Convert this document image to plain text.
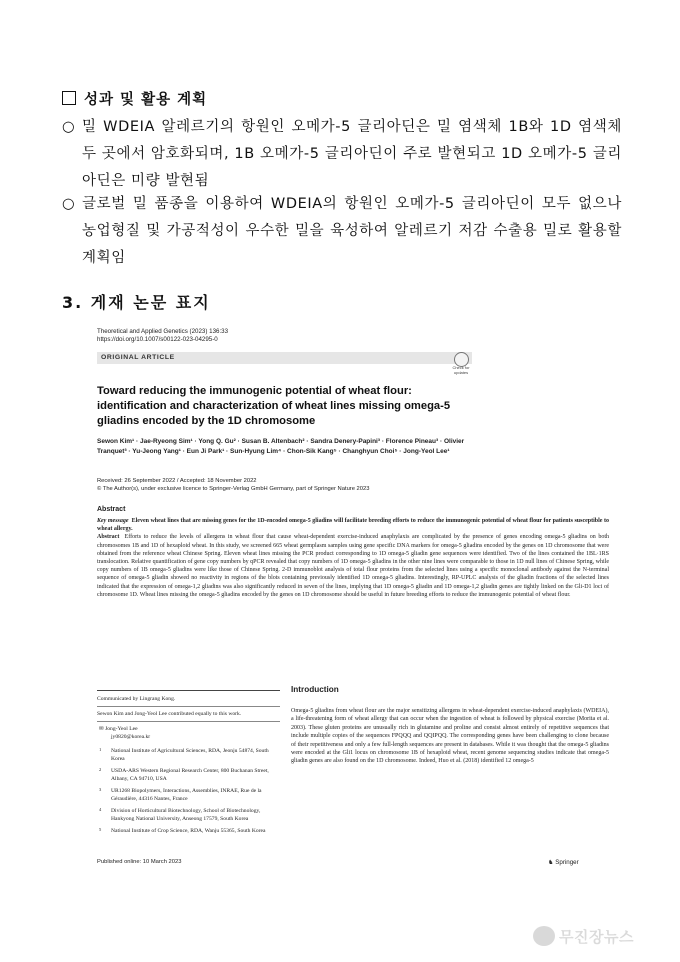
성과 및 활용 계획
○ 밀 WDEIA 알레르기의 항원인 오메가-5 글리아딘은 밀 염색체 1B와 1D 염색체 두 곳에서 암호화되며, 1B 오메가-5 글리아딘이 주로 발현되고 1D 오메가-5 글리아딘은 미량 발현됨
○ 글로벌 밀 품종을 이용하여 WDEIA의 항원인 오메가-5 글리아딘이 모두 없으나 농업형질 및 가공적성이 우수한 밀을 육성하여 알레르기 저감 수출용 밀로 활용할 계획임
3. 게재 논문 표지
Theoretical and Applied Genetics (2023) 136:33
https://doi.org/10.1007/s00122-023-04295-0
ORIGINAL ARTICLE
Check for updates
Toward reducing the immunogenic potential of wheat flour: identification and characterization of wheat lines missing omega-5 gliadins encoded by the 1D chromosome
Sewon Kim¹ · Jae-Ryeong Sim¹ · Yong Q. Gu² · Susan B. Altenbach² · Sandra Denery-Papini³ · Florence Pineau³ · Olivier Tranquet³ · Yu-Jeong Yang¹ · Eun Ji Park¹ · Sun-Hyung Lim⁴ · Chon-Sik Kang⁵ · Changhyun Choi⁵ · Jong-Yeol Lee¹
Received: 26 September 2022 / Accepted: 18 November 2022
© The Author(s), under exclusive licence to Springer-Verlag GmbH Germany, part of Springer Nature 2023
Abstract
Key message Eleven wheat lines that are missing genes for the 1D-encoded omega-5 gliadins will facilitate breeding efforts to reduce the immunogenic potential of wheat flour for patients susceptible to wheat allergy.
Abstract Efforts to reduce the levels of allergens in wheat flour that cause wheat-dependent exercise-induced anaphylaxis are complicated by the presence of genes encoding omega-5 gliadins on both chromosomes 1B and 1D of hexaploid wheat. In this study, we screened 665 wheat germplasm samples using gene specific DNA markers for omega-5 gliadins encoded by the genes on 1D chromosome that were obtained from the reference wheat Chinese Spring. Eleven wheat lines missing the PCR product corresponding to 1D omega-5 gliadin gene sequences were identified. Two of the lines contained the 1BL·1RS translocation. Relative quantification of gene copy numbers by qPCR revealed that copy numbers of 1D omega-5 gliadins in the other nine lines were comparable to those in 1D null lines of Chinese Spring, while copy numbers of 1B omega-5 gliadins were like those of Chinese Spring. 2-D immunoblot analysis of total flour proteins from the selected lines using a specific monoclonal antibody against the N-terminal sequence of omega-5 gliadin showed no reactivity in regions of the blots containing previously identified 1D omega-5 gliadins. Interestingly, RP-UPLC analysis of the gliadin fractions of the selected lines indicated that the expression of omega-1,2 gliadins was also significantly reduced in seven of the lines, implying that 1D omega-5 gliadin and 1D omega-1,2 gliadin genes are tightly linked on the Gli-D1 loci of chromosome 1D. Wheat lines missing the omega-5 gliadins encoded by the genes on 1D chromosome should be useful in future breeding efforts to reduce the immunogenic potential of wheat flour.
Communicated by Lingrang Kong.
Sewon Kim and Jong-Yeol Lee contributed equally to this work.
✉ Jong-Yeol Lee
jy0820@korea.kr
1 National Institute of Agricultural Sciences, RDA, Jeonju 54874, South Korea
2 USDA-ARS Western Regional Research Center, 800 Buchanan Street, Albany, CA 94710, USA
3 UR1268 Biopolymers, Interactions, Assemblies, INRAE, Rue de la Géraudière, 44316 Nantes, France
4 Division of Horticultural Biotechnology, School of Biotechnology, Hankyong National University, Anseong 17579, South Korea
5 National Institute of Crop Science, RDA, Wanju 55365, South Korea
Published online: 10 March 2023
Introduction
Omega-5 gliadins from wheat flour are the major sensitizing allergens in wheat-dependent exercise-induced anaphylaxis (WDEIA), a life-threatening form of wheat allergy that can occur when the ingestion of wheat is followed by physical exercise (Morita et al. 2003). These gluten proteins are unusually rich in glutamine and proline and consist almost entirely of repetitive sequences that include multiple copies of the sequences FPQQQ and QQIPQQ. The corresponding genes have been challenging to clone because of their repetitiveness and only a few full-length sequences are present in databases. While it was thought that the omega-5 gliadins were encoded at the Gli1 locus on chromosome 1B of hexaploid wheat, recent genome sequencing studies indicate that omega-5 gliadin genes are also found on the 1D chromosome. Indeed, Huo et al. (2018) identified 12 omega-5
♞ Springer
무진장뉴스
